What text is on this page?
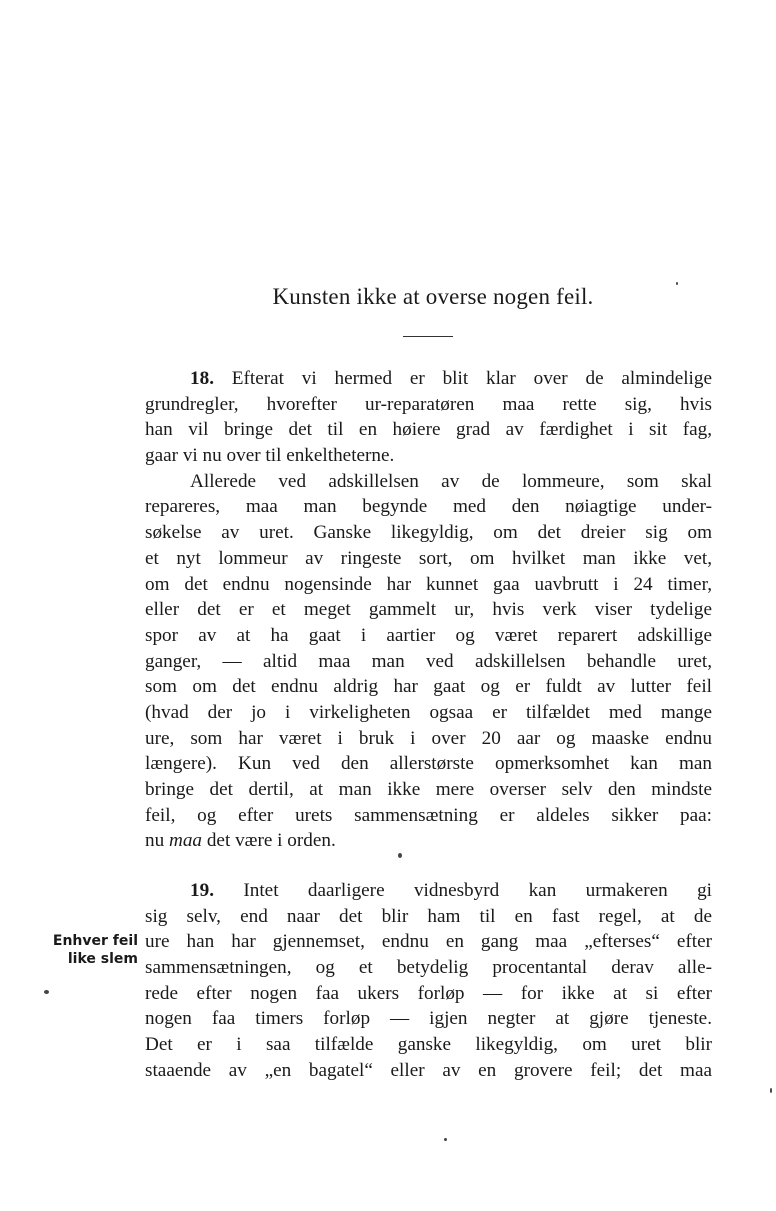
Kunsten ikke at overse nogen feil.
18. Efterat vi hermed er blit klar over de almindelige
grundregler, hvorefter ur-reparatøren maa rette sig, hvis
han vil bringe det til en høiere grad av færdighet i sit fag,
gaar vi nu over til enkeltheterne.
Allerede ved adskillelsen av de lommeure, som skal
repareres, maa man begynde med den nøiagtige under-
søkelse av uret. Ganske likegyldig, om det dreier sig om
et nyt lommeur av ringeste sort, om hvilket man ikke vet,
om det endnu nogensinde har kunnet gaa uavbrutt i 24 timer,
eller det er et meget gammelt ur, hvis verk viser tydelige
spor av at ha gaat i aartier og været reparert adskillige
ganger, — altid maa man ved adskillelsen behandle uret,
som om det endnu aldrig har gaat og er fuldt av lutter feil
(hvad der jo i virkeligheten ogsaa er tilfældet med mange
ure, som har været i bruk i over 20 aar og maaske endnu
længere). Kun ved den allerstørste opmerksomhet kan man
bringe det dertil, at man ikke mere overser selv den mindste
feil, og efter urets sammensætning er aldeles sikker paa:
nu maa det være i orden.
19. Intet daarligere vidnesbyrd kan urmakeren gi
sig selv, end naar det blir ham til en fast regel, at de
ure han har gjennemset, endnu en gang maa „efterses“ efter
sammensætningen, og et betydelig procentantal derav alle-
rede efter nogen faa ukers forløp — for ikke at si efter
nogen faa timers forløp — igjen negter at gjøre tjeneste.
Det er i saa tilfælde ganske likegyldig, om uret blir
staaende av „en bagatel“ eller av en grovere feil; det maa
Enhver feil
like slem
